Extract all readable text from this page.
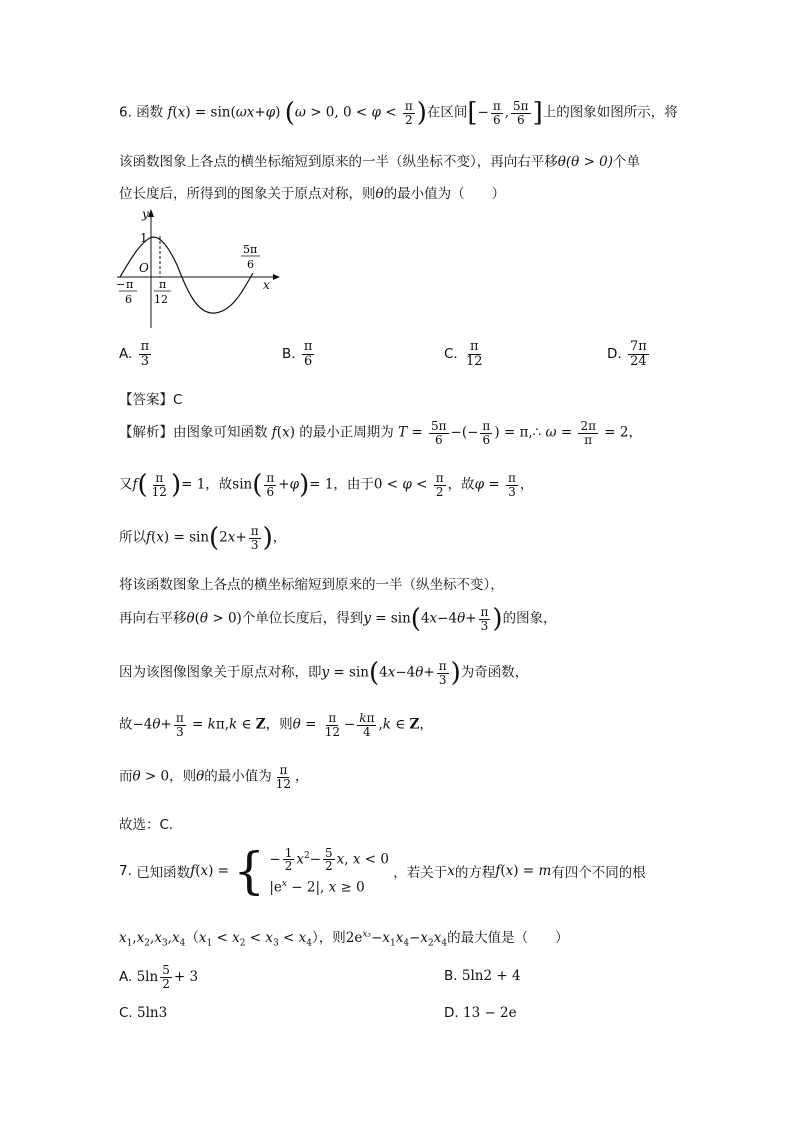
6. 函数 f(x) = sin(ωx+φ) (ω > 0, $0 < \varphi < \frac{\pi}{2}$ )在区间[− $\frac{\pi}{6}$ , $\frac{5\pi}{6}$ ]上的图象如图所示，将
该函数图象上各点的横坐标缩短到原来的一半（纵坐标不变），再向右平移θ(θ > 0)个单
位长度后，所得到的图象关于原点对称，则θ的最小值为（　　）
y
x
O
1
− π
6
π
12
5π
6
A. $\frac{\pi}{3}$	B. $\frac{\pi}{6}$	C. $\frac{\pi}{12}$	D. $\frac{7\pi}{24}$
【答案】C
【解析】由图象可知函数 f(x) 的最小正周期为 $T = \frac{5\pi}{6}$ −(− $\frac{\pi}{6}$ ) = π,∴ $\omega = \frac{2\pi}{\pi} = 2$，
又$f( \frac{\pi}{12}$ )= 1，故$\sin( \frac{\pi}{6} +\varphi)= 1$，由于$0 < \varphi < \frac{\pi}{2}$ ，故$\varphi = \frac{\pi}{3}$ ，
所以$f(x) = \sin(2x+ \frac{\pi}{3}$ )，
将该函数图象上各点的横坐标缩短到原来的一半（纵坐标不变），
再向右平移θ(θ > 0)个单位长度后，得到$y = \sin(4x-4\theta+ \frac{\pi}{3}$ )的图象，
因为该图像图象关于原点对称，即$y = \sin(4x-4\theta+ \frac{\pi}{3}$ )为奇函数，
故$-4\theta+ \frac{\pi}{3} = k\pi,k$ ∈ Z，则$\theta = \frac{\pi}{12} - \frac{k\pi}{4} ,k$ ∈ Z，
而θ > 0，则θ的最小值为 $\frac{\pi}{12}$ ，
故选：C.
7. 已知函数f(x) = { − $\frac{1}{2} x^2- \frac{5}{2} x$, x < 0
$|e^x - 2|$, x ≥ 0
，若关于x的方程f(x) = m有四个不同的根
$x_1,x_2,x_3,x_4(x_1 < x_2 < x_3 < x_4)$，则$2e^{x_3}-x_1x_4-x_2x_4$的最大值是（　　）
A. $5\ln \frac{5}{2} + 3$	B. 5ln2 + 4
C. 5ln3	D. 13 − 2e
